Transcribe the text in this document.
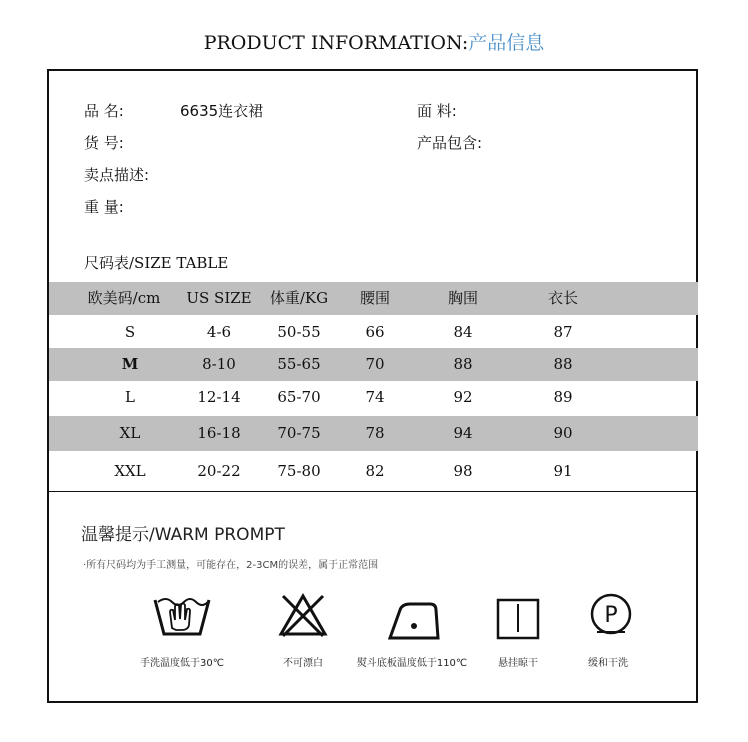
PRODUCT INFORMATION:产品信息
品 名:	6635连衣裙	面 料:
货 号:	产品包含:
卖点描述:
重 量:
尺码表/SIZE TABLE
欧美码/cm	US SIZE	体重/KG	腰围	胸围	衣长
S	4-6	50-55	66	84	87
M	8-10	55-65	70	88	88
L	12-14	65-70	74	92	89
XL	16-18	70-75	78	94	90
XXL	20-22	75-80	82	98	91
温馨提示/WARM PROMPT
·所有尺码均为手工测量，可能存在，2-3CM的误差，属于正常范围
P
手洗温度低于30℃	不可漂白	熨斗底板温度低于110℃	悬挂晾干	缓和干洗
